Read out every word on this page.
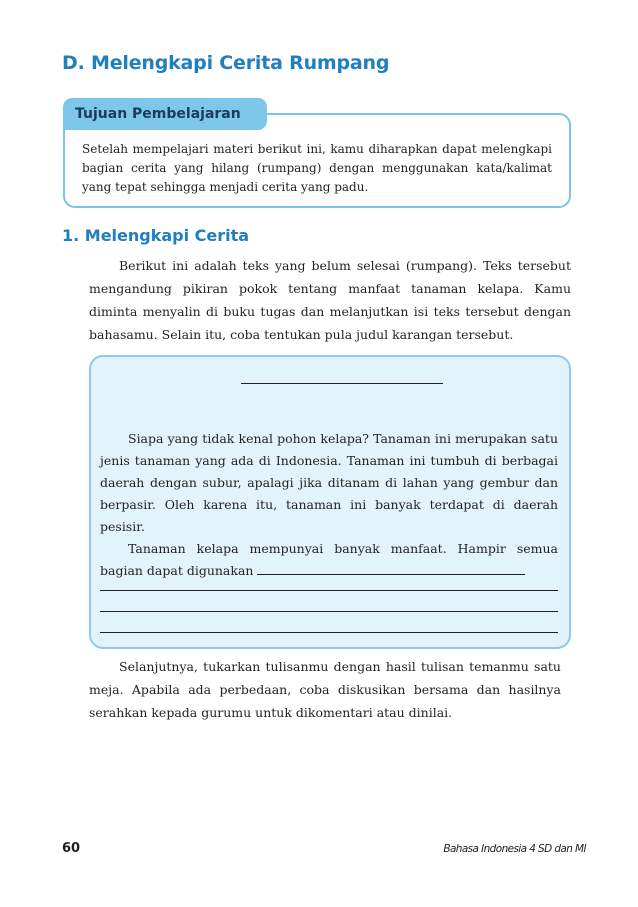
D. Melengkapi Cerita Rumpang
Tujuan Pembelajaran

Setelah mempelajari materi berikut ini, kamu diharapkan dapat melengkapi bagian cerita yang hilang (rumpang) dengan menggunakan kata/kalimat yang tepat sehingga menjadi cerita yang padu.

1. Melengkapi Cerita

Berikut ini adalah teks yang belum selesai (rumpang). Teks tersebut mengandung pikiran pokok tentang manfaat tanaman kelapa. Kamu diminta menyalin di buku tugas dan melanjutkan isi teks tersebut dengan bahasamu. Selain itu, coba tentukan pula judul karangan tersebut.

Siapa yang tidak kenal pohon kelapa? Tanaman ini merupakan satu jenis tanaman yang ada di Indonesia. Tanaman ini tumbuh di berbagai daerah dengan subur, apalagi jika ditanam di lahan yang gembur dan berpasir. Oleh karena itu, tanaman ini banyak terdapat di daerah pesisir.

Tanaman kelapa mempunyai banyak manfaat. Hampir semua bagian dapat digunakan

Selanjutnya, tukarkan tulisanmu dengan hasil tulisan temanmu satu meja. Apabila ada perbedaan, coba diskusikan bersama dan hasilnya serahkan kepada gurumu untuk dikomentari atau dinilai.

60	Bahasa Indonesia 4 SD dan MI
